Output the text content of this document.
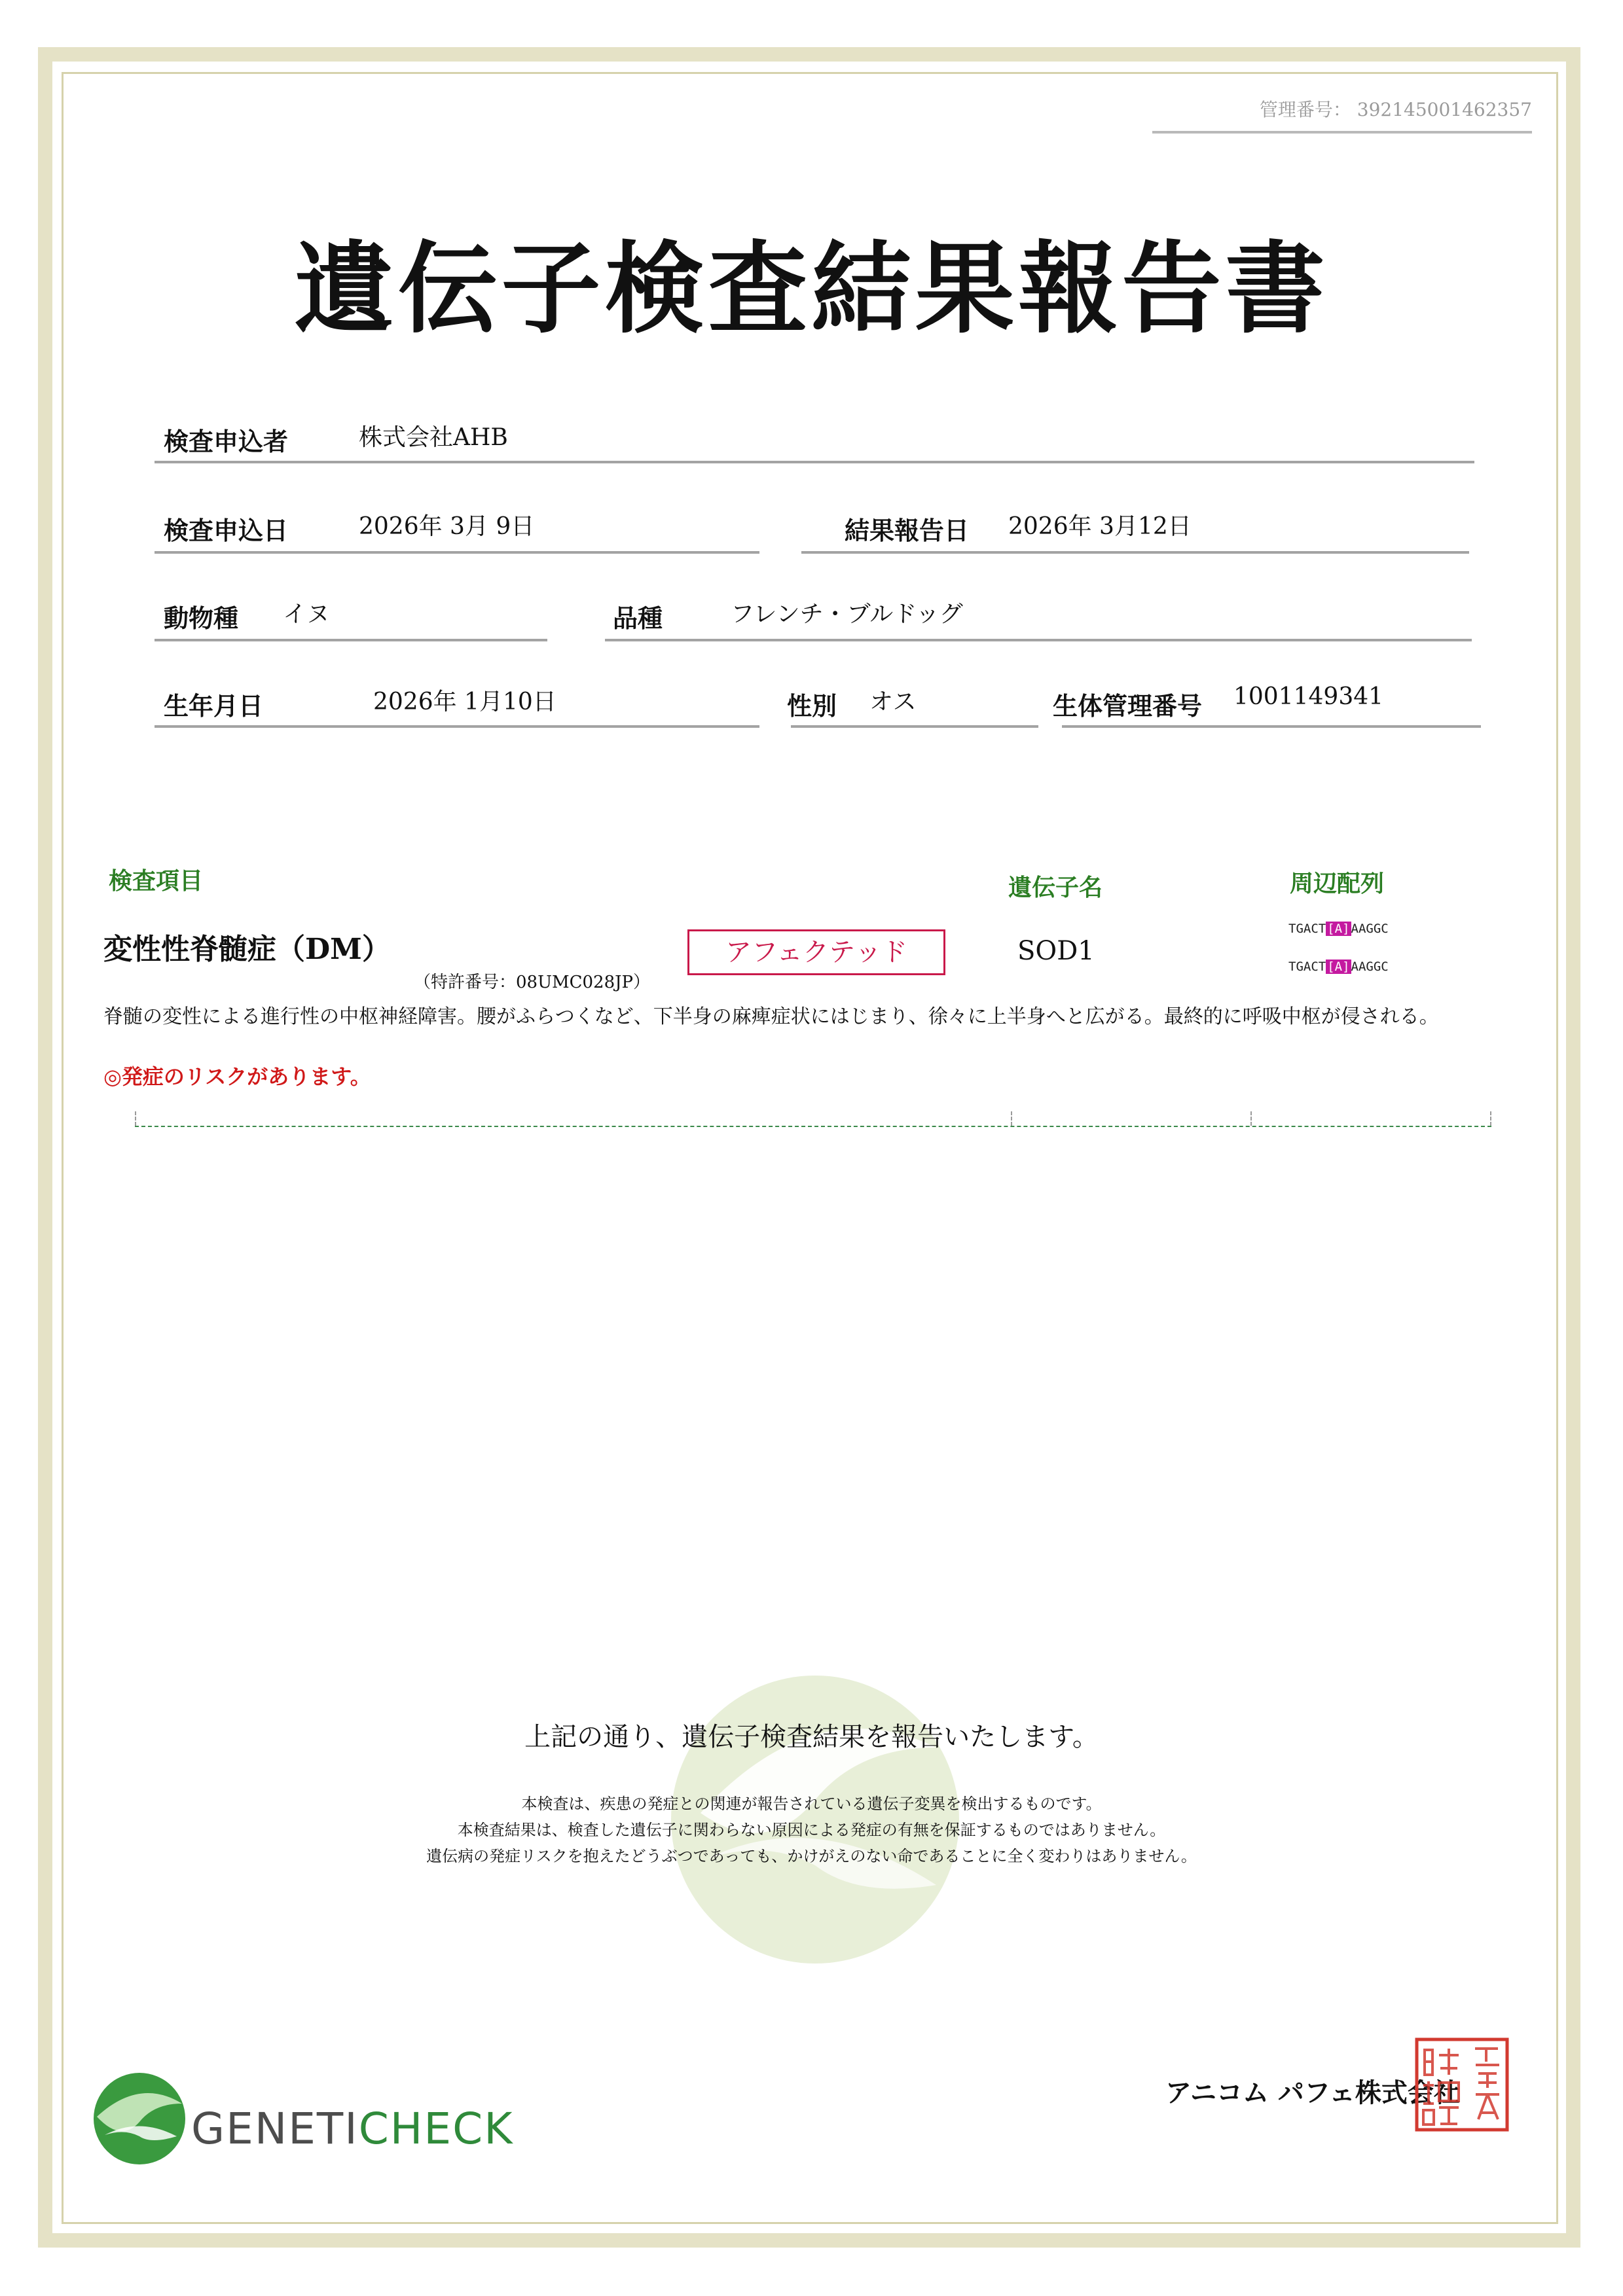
管理番号： 392145001462357
遺伝子検査結果報告書
検査申込者	株式会社AHB
検査申込日	2026年 3月 9日	結果報告日 2026年 3月12日
動物種 イヌ	品種	フレンチ・ブルドッグ
生年月日	2026年 1月10日	性別 オス	生体管理番号 1001149341
検査項目	遺伝子名	周辺配列
変性性脊髄症（DM）
（特許番号：08UMC028JP）
アフェクテッド	SOD1
TGACT [A] AAGGC
TGACT [A] AAGGC
脊髄の変性による進行性の中枢神経障害。腰がふらつくなど、下半身の麻痺症状にはじまり、徐々に上半身へと広がる。最終的に呼吸中枢が侵される。
◎発症のリスクがあります。
上記の通り、遺伝子検査結果を報告いたします。
本検査は、疾患の発症との関連が報告されている遺伝子変異を検出するものです。
本検査結果は、検査した遺伝子に関わらない原因による発症の有無を保証するものではありません。
遺伝病の発症リスクを抱えたどうぶつであっても、かけがえのない命であることに全く変わりはありません。
GENETICHECK
アニコム パフェ株式会社
